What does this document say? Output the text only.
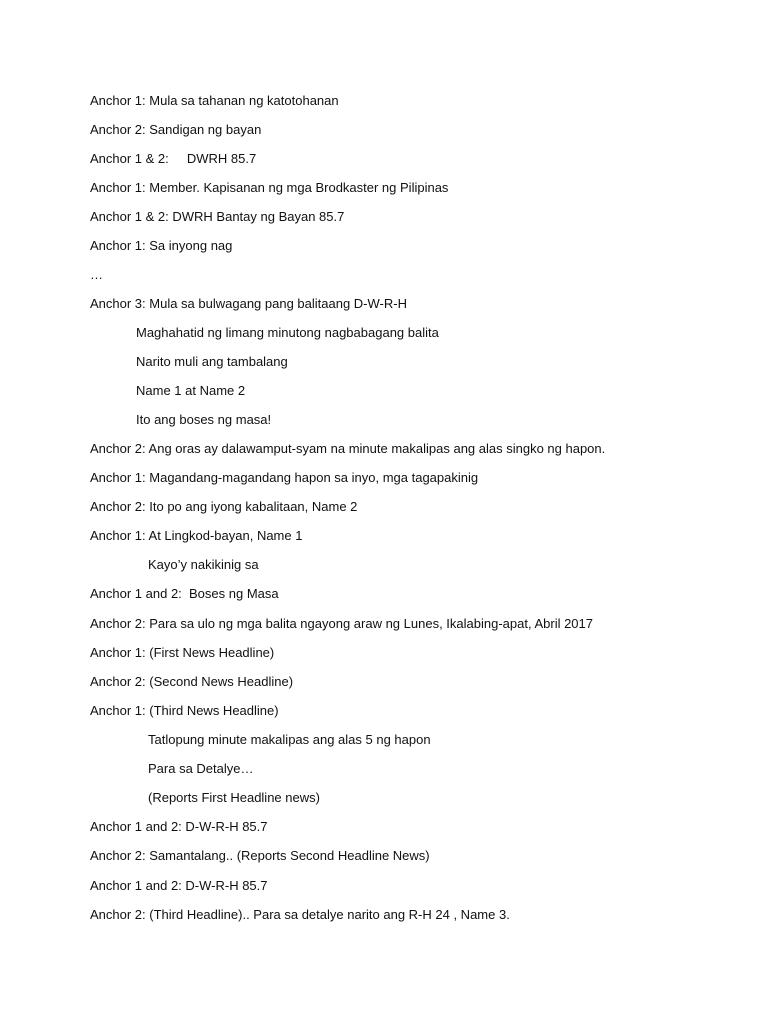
Anchor 1: Mula sa tahanan ng katotohanan
Anchor 2: Sandigan ng bayan
Anchor 1 & 2:     DWRH 85.7
Anchor 1: Member. Kapisanan ng mga Brodkaster ng Pilipinas
Anchor 1 & 2: DWRH Bantay ng Bayan 85.7
Anchor 1: Sa inyong nag
…
Anchor 3: Mula sa bulwagang pang balitaang D-W-R-H
Maghahatid ng limang minutong nagbabagang balita
Narito muli ang tambalang
Name 1 at Name 2
Ito ang boses ng masa!
Anchor 2: Ang oras ay dalawamput-syam na minute makalipas ang alas singko ng hapon.
Anchor 1: Magandang-magandang hapon sa inyo, mga tagapakinig
Anchor 2: Ito po ang iyong kabalitaan, Name 2
Anchor 1: At Lingkod-bayan, Name 1
Kayo’y nakikinig sa
Anchor 1 and 2:  Boses ng Masa
Anchor 2: Para sa ulo ng mga balita ngayong araw ng Lunes, Ikalabing-apat, Abril 2017
Anchor 1: (First News Headline)
Anchor 2: (Second News Headline)
Anchor 1: (Third News Headline)
Tatlopung minute makalipas ang alas 5 ng hapon
Para sa Detalye…
(Reports First Headline news)
Anchor 1 and 2: D-W-R-H 85.7
Anchor 2: Samantalang.. (Reports Second Headline News)
Anchor 1 and 2: D-W-R-H 85.7
Anchor 2: (Third Headline).. Para sa detalye narito ang R-H 24 , Name 3.
